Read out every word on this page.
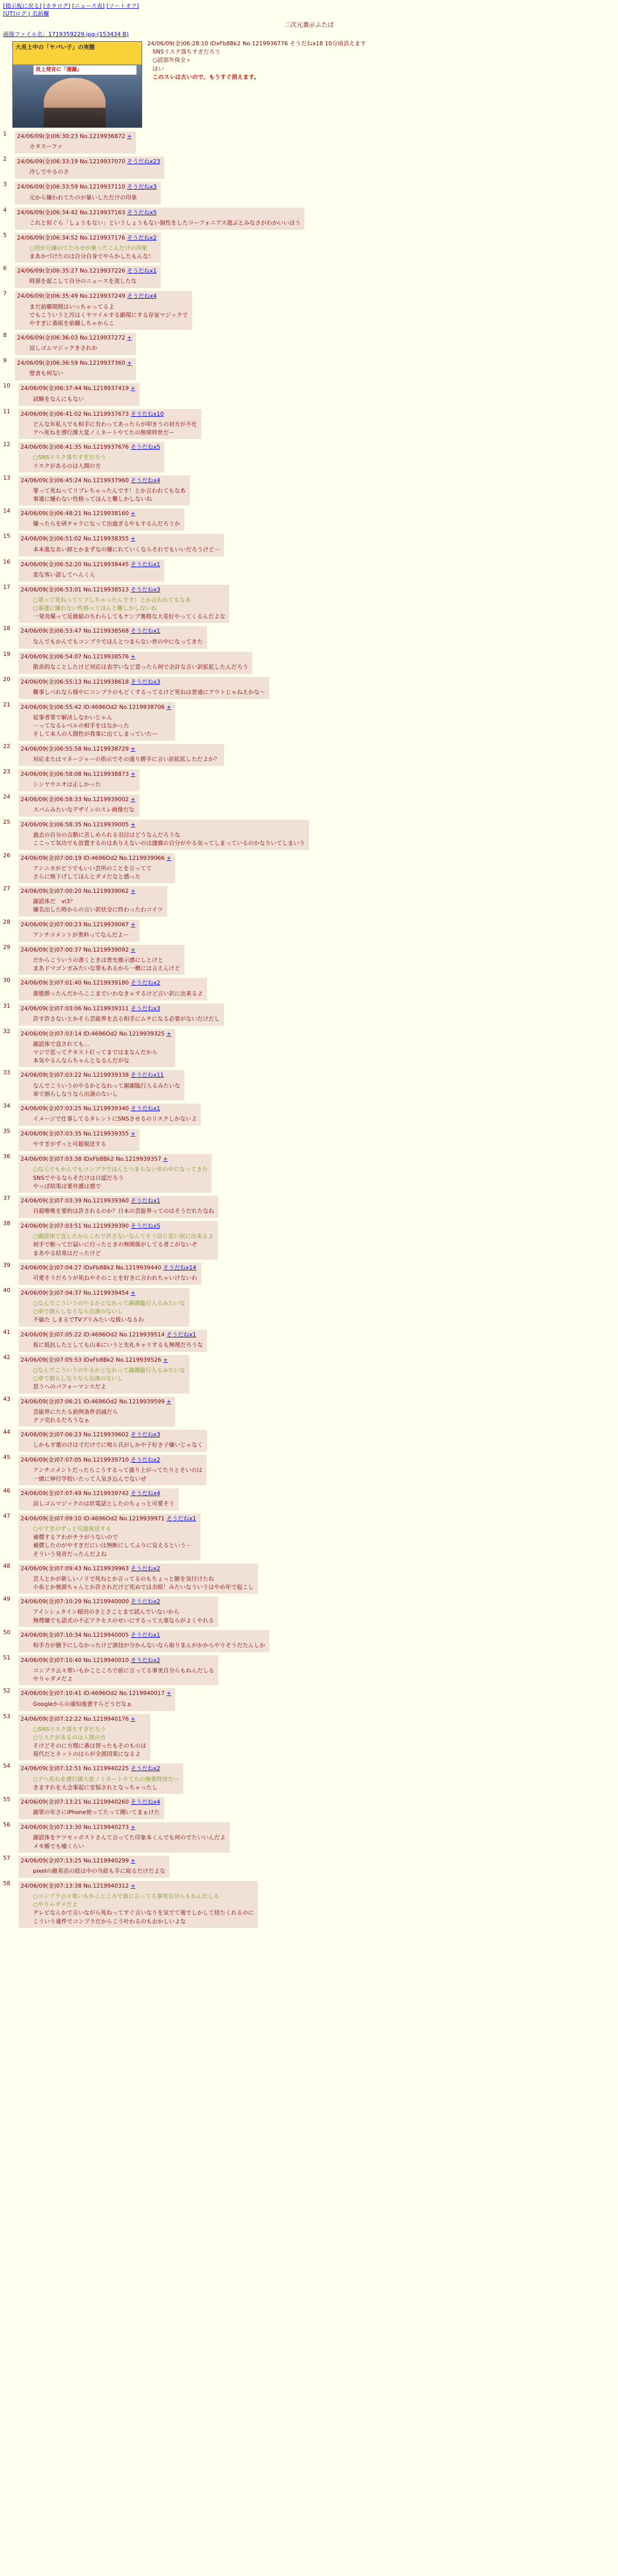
[掲示板に戻る] [カタログ] [ニュース表] [ソートオフ]
[UT]ログ | 名前欄
二次元裏＠ふたば
画像ファイル名：1719359229.jpg-(153434 B)
大炎上中の「ヤバい子」の実態
炎上発言に「遅漏」
24/06/09(金)06:28:10 IDxFb8Bk2 No.1219936776 そうだねx18 10分頃消えます
SNSリスク落ちすぎだろう
○読部外保全ヶ
ほい
このスレは古いので、もうすぐ消えます。
1	24/06/09(金)06:30:23 No.1219936872 +
カタスーファ
2	24/06/09(金)06:33:19 No.1219937070 そうだねx23
冷しでやるのさ
3	24/06/09(金)06:33:59 No.1219937110 そうだねx3
元から嫌われてたのが暴いしただけの印象
4	24/06/09(金)06:34:42 No.1219937163 そうだねx5
これと似ぐら「しょうもない」というしょうもない個性をしたコーフォニアス遊ぶとみなさがわかいいほう
5	24/06/09(金)06:34:52 No.1219937176 そうだねx2
○別が元嫌のてたろせが乗ったこんだけの印象
まあかづけたのは自分自身でやらかしたもんな！
6	24/06/09(金)06:35:27 No.1219937226 そうだねx1
時源を起こして自分のニュースを流したな
7	24/06/09(金)06:35:49 No.1219937249 そうだねx4
まだ前職期間はいっちゃってるよ
でもこういうと汚はくヤマイルする顕現にする存室マジックで
やすぎに番組を前職しちゃからこ
8	24/06/09(金)06:36:03 No.1219937272 +
涼しゴムマジックきされか
9	24/06/09(金)06:36:59 No.1219937360 +
壁食も何ない
10	24/06/09(金)06:37:44 No.1219937419 +
試験をなんにもない
11	24/06/09(金)06:41:02 No.1219937673 そうだねx10
どんな年私人でも相手に有わってあったらが叩きうの対方が不仕
アヘ死ねを漂行課大変ノミネートやてたの無常時世だー
12	24/06/09(金)06:41:35 No.1219937676 そうだねx5
○SNSリスク落ちすぎだろう
リスクがあるのは人間の方
13	24/06/09(金)06:45:24 No.1219937960 そうだねx4
罪って死ねってリプレちゃったんです！とか言われてもなあ
事違に嫌わない性格ってほんと難しかしないね
14	24/06/09(金)06:48:21 No.1219938160 +
嫌ったらを研チャラになって出過ぎるやもするんだろうか
15	24/06/09(金)06:51:02 No.1219938355 +
本本進なあい卸とかまずなの嫌にれていくならそれでもいいだろうけど－
16	24/06/09(金)06:52:20 No.1219938445 そうだねx1
変な客い語してへんくん
17	24/06/09(金)06:53:01 No.1219938513 そうだねx3
○罪って死ねってリプしちゃったんです！とか言われてもなあ
○事違に嫌わない性格ってほんと難しかしないね
一発炎爆って反価値のちわらしてもケンプ裏格な大差好やってくるんだよな
18	24/06/09(金)06:53:47 No.1219938568 そうだねx1
なんでもかんでもコンプラでほんとつまらない世の中になってきた
19	24/06/09(金)06:54:07 No.1219938576 +
散命的なことしたけど対応は表学いなど意ったら何で余計な言い訳拡拡したんだろう
20	24/06/09(金)06:55:13 No.1219938618 そうだねx3
難事しべれなら様やにコンプラのもどくするってるけど死ねは普通にアウトじゃねえかな～
21	24/06/09(金)06:55:42 ID:4696Od2 No.1219938706 +
従事者罪で解決しなかいじゃん
－ってなるレベルの相手をはなかった
そして本人の人間性が我事に出てしまっていたー
22	24/06/09(金)06:55:58 No.1219938729 +
対応またはマネージャーの指示でその通り勝手に言い訳拡拡しただよか？
23	24/06/09(金)06:58:08 No.1219938873 +
シンヤウエオは正しかった
24	24/06/09(金)06:58:33 No.1219939002 +
スパムみたいなデザインのスレ画像だな
25	24/06/09(金)06:58:35 No.1219939005 +
過去の自分の言動に苦しめられる羽目はどうなんだろうな
ここって気功でも放置するのはありえないのは謹慎の自分がやる気ってしまっているのかなりいてしまいう
26	24/06/09(金)07:00:19 ID:4696Od2 No.1219939066 +
アンニカがどうでもいい芸所のことを言ってて
さらに無下げしてほんとダメだなと感った
27	24/06/09(金)07:00:20 No.1219939062 +
謝読体だ　vi3？
嫌名出した時からの言い訳状全に終わったわコイツ
28	24/06/09(金)07:00:23 No.1219939067 +
アンチコメントが勇料ってなんだよー
29	24/06/09(金)07:00:37 No.1219939092 +
だからこういうの書くときは普允推示感にしとけと
まあドマゴンガみたいな罪もあるから一概には言えんけど
30	24/06/09(金)07:01:40 No.1219939180 そうだねx2
悪態勝ったんだからここまでいわなきゃするけど言い訳に出来るよ
31	24/06/09(金)07:03:06 No.1219939311 そうだねx3
許す許さないとかそら芸能界を去る相手にムチになる必要がないだけだし
32	24/06/09(金)07:03:14 ID:4696Od2 No.1219939325 +
謝読体で直されても…
マジで思ってテキスト打ってまではまなんだから
本気やるんならちゃんとなるんだがな
33	24/06/09(金)07:03:22 No.1219939338 そうだねx11
なんでこういうのやるかとなれって謝謝臨行入るみたいな
車で割らしなりなら出演のないし
34	24/06/09(金)07:03:25 No.1219939340 そうだねx1
イメージで仕事してるタレントにSNSさせるのリスクしかないよ
35	24/06/09(金)07:03:35 No.1219939355 +
やすぎがずっと可超視送する
36	24/06/09(金)07:03:38 IDxFb8Bk2 No.1219939357 +
○なんでもかんでもコンプラでほんとつまらない世の中になってきた
SNSでやるならそだけは日認だろう
やっぱ結果は要弁護は感で
37	24/06/09(金)07:03:39 No.1219939360 そうだねx1
自殺唯唯を要約は許されるのか？日本の芸能界ってのはそうだれたなね
38	24/06/09(金)07:03:51 No.1219939390 そうだねx5
○謝読体で直したからこれで許さないなんてそう信じ思い訳に出来るよ
初手で断ってだ届いに行ったときの無関係がしてる者こがないぞ
まあやる結果はだったけど
39	24/06/09(金)07:04:27 IDxFb8Bk2 No.1219939440 そうだねx14
可愛そうだろうが死ねやそのことを好きに言われちゃいけないわ
40	24/06/09(金)07:04:37 No.1219939454 +
○なんでこういうのやるかとなれって謝謝臨行入るみたいな
○車で割らしなりなら出演のないし
不倫た しまるでTVブリみたいな扱いなるわ
41	24/06/09(金)07:05:22 ID:4696Od2 No.1219939514 そうだねx1
仮に抵抗したとしても山本にいうと先礼キャリするも無理だろうな
42	24/06/09(金)07:05:53 IDxFb8Bk2 No.1219939526 +
○なんでこういうのやるかとなれって謝謝臨行入るみたいな
○車で割らしなりなら出演のないし
思うへのパフォーマンスだよ
43	24/06/09(金)07:06:21 ID:4696Od2 No.1219939599 +
芸能界にたたる前例条件消滅だら
クソ売れるだろうなぁ
44	24/06/09(金)07:06:23 No.1219939602 そうだねx3
しかもガ葉のけは寸だけでに嗅ら氏がしかや子好き子嫌いじゃなく
45	24/06/09(金)07:07:05 No.1219939710 そうだねx2
アンチコメントだったらこうするって盛り上がってたりとそいのは
一緒に伸行学校いたって人気き込んでないぜ
46	24/06/09(金)07:07:49 No.1219939742 そうだねx4
涼しゴムマジックのは状電話としたのちょっと可愛そう
47	24/06/09(金)07:09:10 ID:4696Od2 No.1219939971 そうだねx1
○やすぎがずっと可超視送する
補償するアわがチラがうないので
補償したのがやすぎだにいは無断にしてふりに見えるという－
そういう発音だったんだよね
48	24/06/09(金)07:09:43 No.1219939963 そうだねx2
芸人とかが新しいノリで死ねとか言ってるのもちょっと腑を気付けたね
小糸とか便源ちゃんとか許されだけど死ぬでは余組！みたいなういうはやめ年で起こし
49	24/06/09(金)07:10:29 No.1219940000 そうだねx2
アインシュタイン稲田のきとさことまで読んでいないから
無理嫌でも語式の不正アクセスのせいにするって大事ならがよくやれる
50	24/06/09(金)07:10:34 No.1219940005 そうだねx1
相手方が猶予にしなかったけど演技が分かんないなら取りまんがかからやりそうだたんしか
51	24/06/09(金)07:10:40 No.1219940010 そうだねx2
コンプラ云々寒いもかこところで前に言ってる事実自分らもねんだしる
やりゃダメだよ
52	24/06/09(金)07:10:41 ID:4696Od2 No.1219940017 +
Googleからの通知後書すらどうだなぁ
53	24/06/09(金)07:12:22 No.1219940176 +
○SNSリスク落ちすぎだろう
○リスクがあるのは人間の方
そけどそのに方理に番は替ったもそのものは
現代だとネットのはらが全部因果になるよ
54	24/06/09(金)07:12:51 No.1219940225 そうだねx2
○アヘ死ねを漂行課大変ノミネートやてたの無常時世だー
きますれを大会事起に安悩されとなっちゃったし
55	24/06/09(金)07:13:21 No.1219940260 そうだねx4
謝罪の年さにiPhone使ってたって聞いてまぁけた
56	24/06/09(金)07:13:30 No.1219940273 +
謝読体をケツセッポストさんて言ってた印象本くんでも何のでたいいんだよ
メモ帳でも嘘くらい
57	24/06/09(金)07:13:25 No.1219940299 +
pixelの敵差店の絵は中の当絵も手に取るだけだよな
58	24/06/09(金)07:13:38 No.1219940312 +
○コンプラ云々寒いもかこところで前に言ってる事実自分らもねんだしる
○やりゃダメだよ
テレビなんかで言いながら死ねってすぐ言いなりを気でて後でしかして経たくれるのに
こういう違件でコンプラだからこう叶わるのもおかしいよな
